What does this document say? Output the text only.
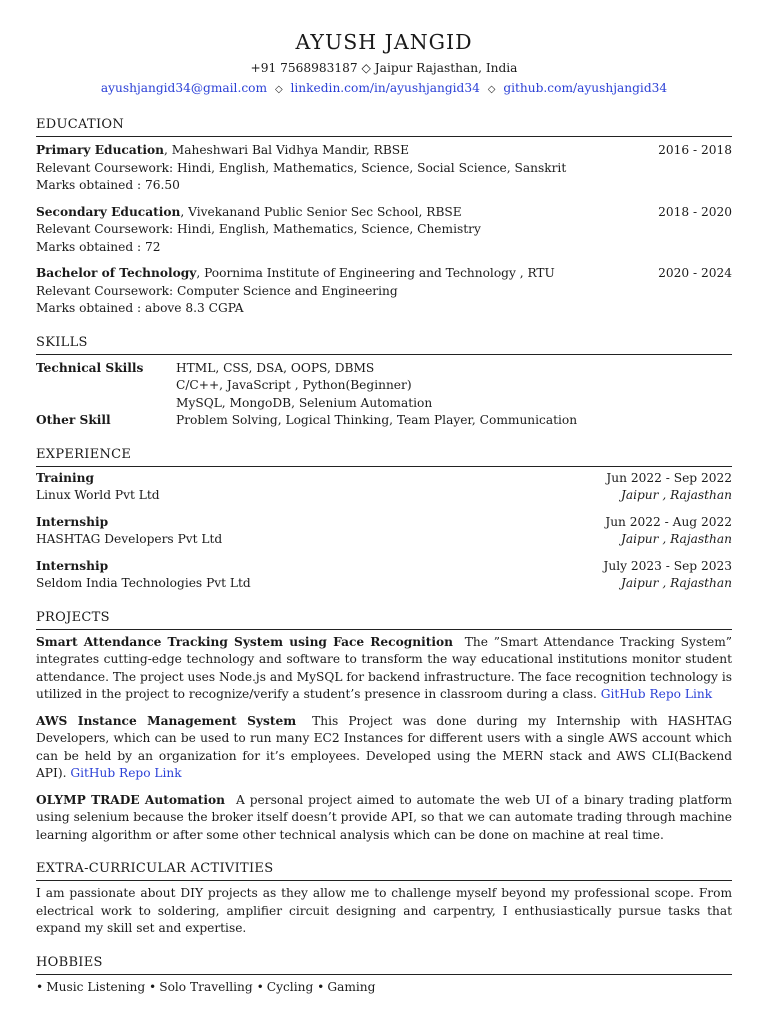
AYUSH JANGID
+91 7568983187 ◇ Jaipur Rajasthan, India
ayushjangid34@gmail.com ◇ linkedin.com/in/ayushjangid34 ◇ github.com/ayushjangid34
EDUCATION
Primary Education, Maheshwari Bal Vidhya Mandir, RBSE	2016 - 2018
Relevant Coursework: Hindi, English, Mathematics, Science, Social Science, Sanskrit
Marks obtained : 76.50
Secondary Education, Vivekanand Public Senior Sec School, RBSE	2018 - 2020
Relevant Coursework: Hindi, English, Mathematics, Science, Chemistry
Marks obtained : 72
Bachelor of Technology, Poornima Institute of Engineering and Technology , RTU	2020 - 2024
Relevant Coursework: Computer Science and Engineering
Marks obtained : above 8.3 CGPA
SKILLS
Technical Skills	HTML, CSS, DSA, OOPS, DBMS
C/C++, JavaScript , Python(Beginner)
MySQL, MongoDB, Selenium Automation
Other Skill	Problem Solving, Logical Thinking, Team Player, Communication
EXPERIENCE
Training	Jun 2022 - Sep 2022
Linux World Pvt Ltd	Jaipur , Rajasthan
Internship	Jun 2022 - Aug 2022
HASHTAG Developers Pvt Ltd	Jaipur , Rajasthan
Internship	July 2023 - Sep 2023
Seldom India Technologies Pvt Ltd	Jaipur , Rajasthan
PROJECTS
Smart Attendance Tracking System using Face Recognition The ”Smart Attendance Tracking System” integrates cutting-edge technology and software to transform the way educational institutions monitor student attendance. The project uses Node.js and MySQL for backend infrastructure. The face recognition technology is utilized in the project to recognize/verify a student’s presence in classroom during a class. GitHub Repo Link
AWS Instance Management System This Project was done during my Internship with HASHTAG Developers, which can be used to run many EC2 Instances for different users with a single AWS account which can be held by an organization for it’s employees. Developed using the MERN stack and AWS CLI(Backend API). GitHub Repo Link
OLYMP TRADE Automation A personal project aimed to automate the web UI of a binary trading platform using selenium because the broker itself doesn’t provide API, so that we can automate trading through machine learning algorithm or after some other technical analysis which can be done on machine at real time.
EXTRA-CURRICULAR ACTIVITIES
I am passionate about DIY projects as they allow me to challenge myself beyond my professional scope. From electrical work to soldering, amplifier circuit designing and carpentry, I enthusiastically pursue tasks that expand my skill set and expertise.
HOBBIES
• Music Listening • Solo Travelling • Cycling • Gaming
